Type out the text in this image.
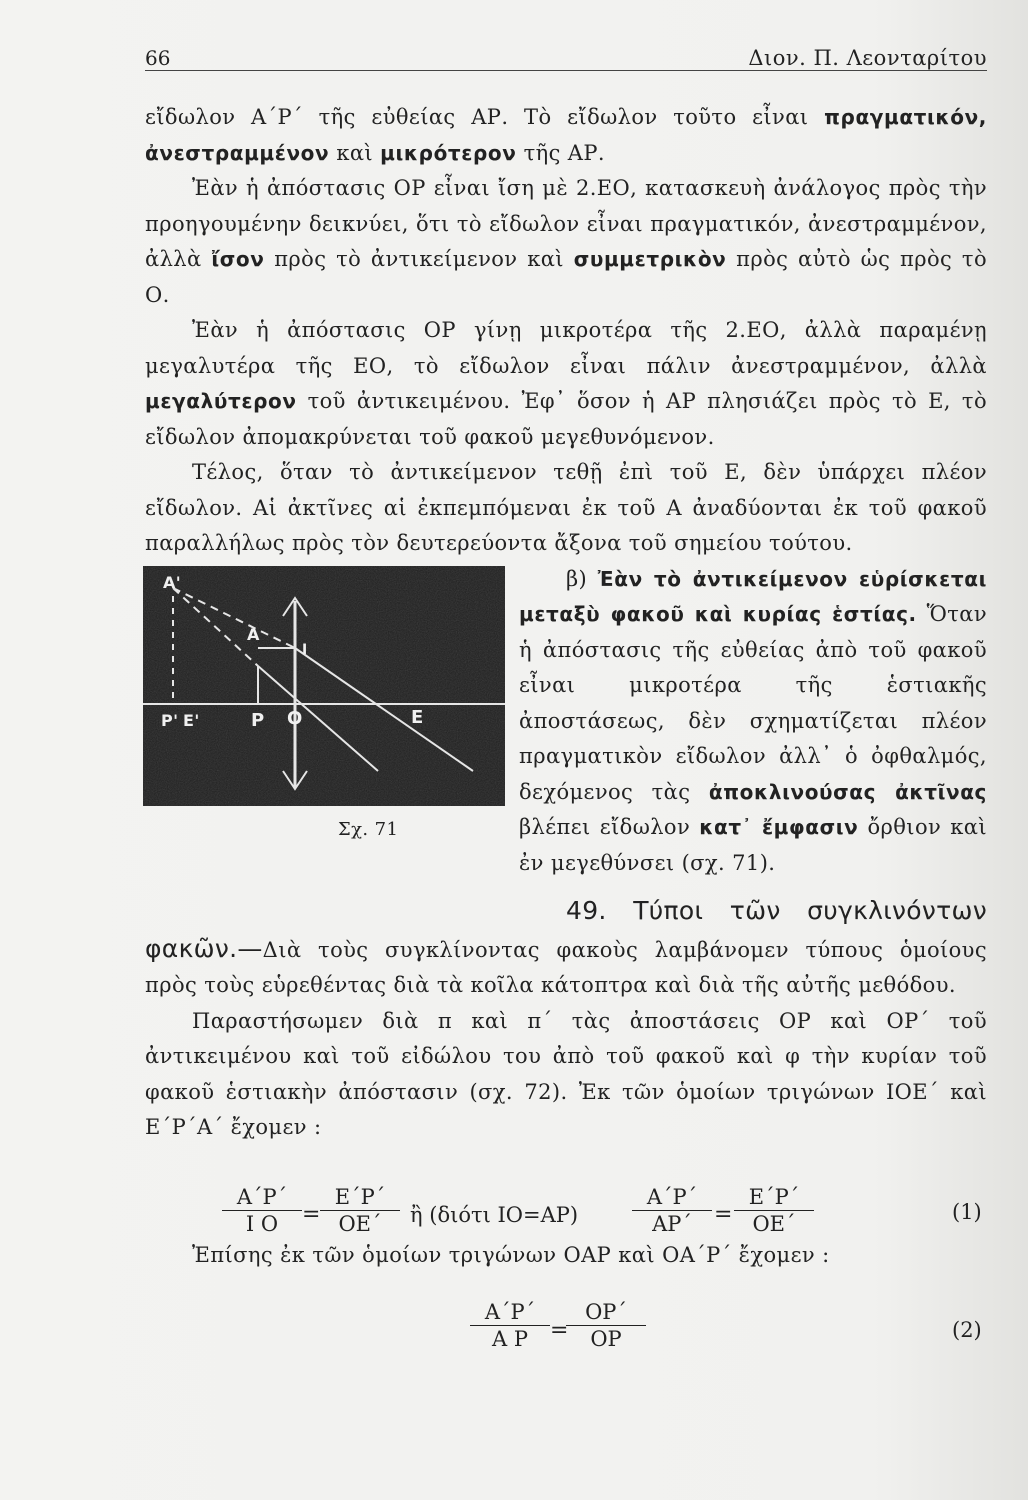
66	Διον. Π. Λεονταρίτου

εἴδωλον Α΄Ρ΄ τῆς εὐθείας ΑΡ. Τὸ εἴδωλον τοῦτο εἶναι πραγματικόν, ἀνεστραμμένον καὶ μικρότερον τῆς ΑΡ.

Ἐὰν ἡ ἀπόστασις ΟΡ εἶναι ἴση μὲ 2.ΕΟ, κατασκευὴ ἀνάλογος πρὸς τὴν προηγουμένην δεικνύει, ὅτι τὸ εἴδωλον εἶναι πραγματικόν, ἀνεστραμμένον, ἀλλὰ ἴσον πρὸς τὸ ἀντικείμενον καὶ συμμετρικὸν πρὸς αὐτὸ ὡς πρὸς τὸ Ο.

Ἐὰν ἡ ἀπόστασις ΟΡ γίνῃ μικροτέρα τῆς 2.ΕΟ, ἀλλὰ παραμένῃ μεγαλυτέρα τῆς ΕΟ, τὸ εἴδωλον εἶναι πάλιν ἀνεστραμμένον, ἀλλὰ μεγαλύτερον τοῦ ἀντικειμένου. Ἐφ᾿ ὅσον ἡ ΑΡ πλησιάζει πρὸς τὸ Ε, τὸ εἴδωλον ἀπομακρύνεται τοῦ φακοῦ μεγεθυνόμενον.

Τέλος, ὅταν τὸ ἀντικείμενον τεθῇ ἐπὶ τοῦ Ε, δὲν ὑπάρχει πλέον εἴδωλον. Αἱ ἀκτῖνες αἱ ἐκπεμπόμεναι ἐκ τοῦ Α ἀναδύονται ἐκ τοῦ φακοῦ παραλλήλως πρὸς τὸν δευτερεύοντα ἄξονα τοῦ σημείου τούτου.

A'
A
I
P' E'	P O	E
Σχ. 71

β) Ἐὰν τὸ ἀντικείμενον εὑρίσκεται μεταξὺ φακοῦ καὶ κυρίας ἑστίας. Ὅταν ἡ ἀπόστασις τῆς εὐθείας ἀπὸ τοῦ φακοῦ εἶναι μικροτέρα τῆς ἑστιακῆς ἀποστάσεως, δὲν σχηματίζεται πλέον πραγματικὸν εἴδωλον ἀλλ᾿ ὁ ὀφθαλμός, δεχόμενος τὰς ἀποκλινούσας ἀκτῖνας βλέπει εἴδωλον κατ᾿ ἔμφασιν ὄρθιον καὶ ἐν μεγεθύνσει (σχ. 71).

49. Τύποι τῶν συγκλινόντων φακῶν.—Διὰ τοὺς συγκλίνοντας φακοὺς λαμβάνομεν τύπους ὁμοίους πρὸς τοὺς εὑρεθέντας διὰ τὰ κοῖλα κάτοπτρα καὶ διὰ τῆς αὐτῆς μεθόδου.

Παραστήσωμεν διὰ π καὶ π΄ τὰς ἀποστάσεις ΟΡ καὶ ΟΡ΄ τοῦ ἀντικειμένου καὶ τοῦ εἰδώλου του ἀπὸ τοῦ φακοῦ καὶ φ τὴν κυρίαν τοῦ φακοῦ ἑστιακὴν ἀπόστασιν (σχ. 72). Ἐκ τῶν ὁμοίων τριγώνων ΙΟΕ΄ καὶ Ε΄Ρ΄Α΄ ἔχομεν :

Ἐπίσης ἐκ τῶν ὁμοίων τριγώνων ΟΑΡ καὶ ΟΑ΄Ρ΄ ἔχομεν :

$\frac{A΄P΄}{\text{Ι Ο}} = \frac{E΄P΄}{OE΄}$ ἢ (διότι ΙΟ=ΑΡ)	$\frac{A΄P΄}{AP΄} = \frac{E΄P΄}{OE΄}$	(1)
$\frac{A΄P΄}{\text{Α Ρ}}$ =
$\frac{OP΄}{OP}$	(2)
